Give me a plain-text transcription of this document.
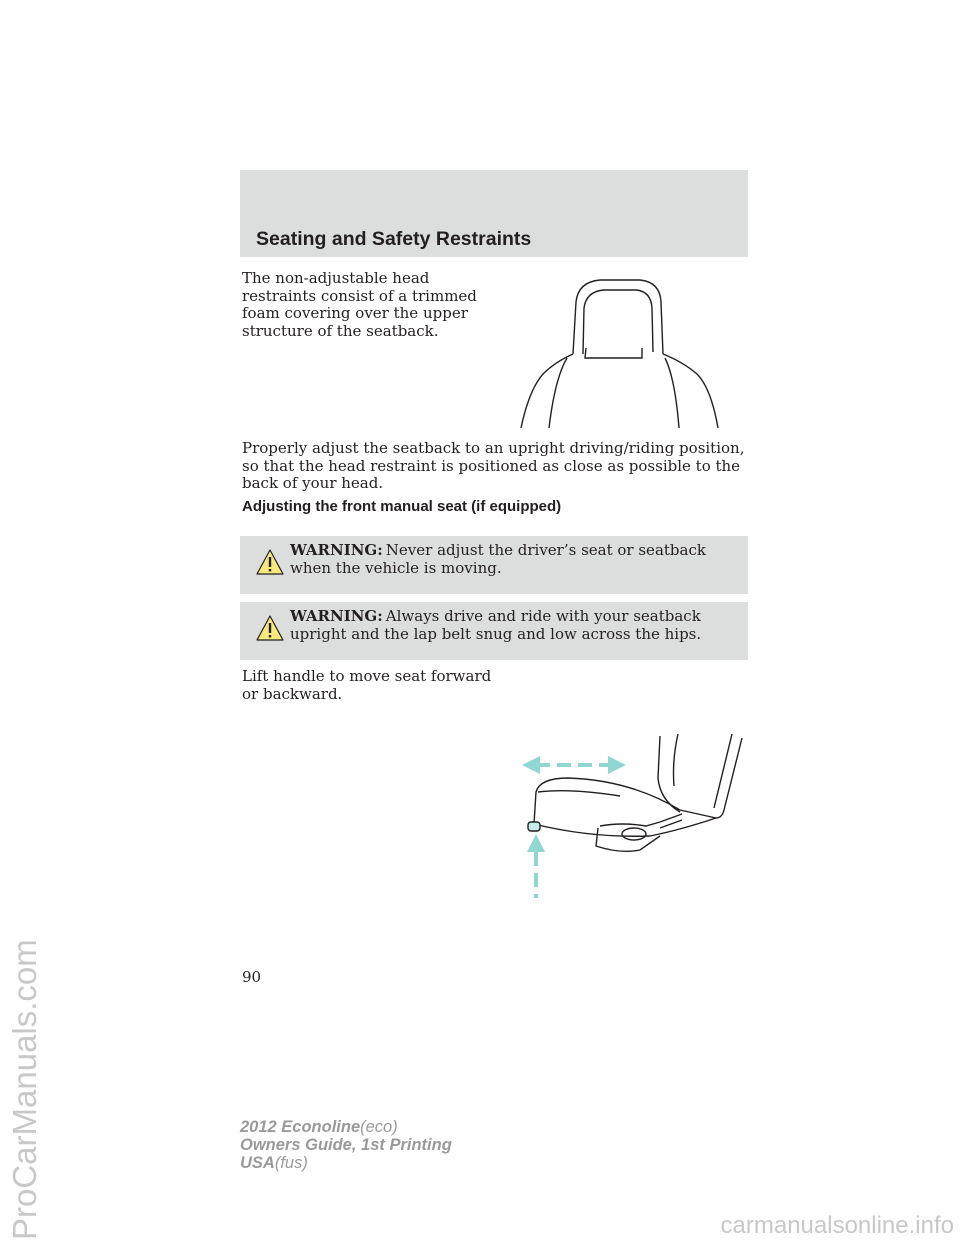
Seating and Safety Restraints

The non-adjustable head restraints consist of a trimmed foam covering over the upper structure of the seatback.

Properly adjust the seatback to an upright driving/riding position, so that the head restraint is positioned as close as possible to the back of your head.

Adjusting the front manual seat (if equipped)
WARNING: Never adjust the driver’s seat or seatback when the vehicle is moving.
WARNING: Always drive and ride with your seatback upright and the lap belt snug and low across the hips.

Lift handle to move seat forward or backward.

90
2012 Econoline(eco)
Owners Guide, 1st Printing
USA(fus)
ProCarManuals.com	carmanualsonline.info
